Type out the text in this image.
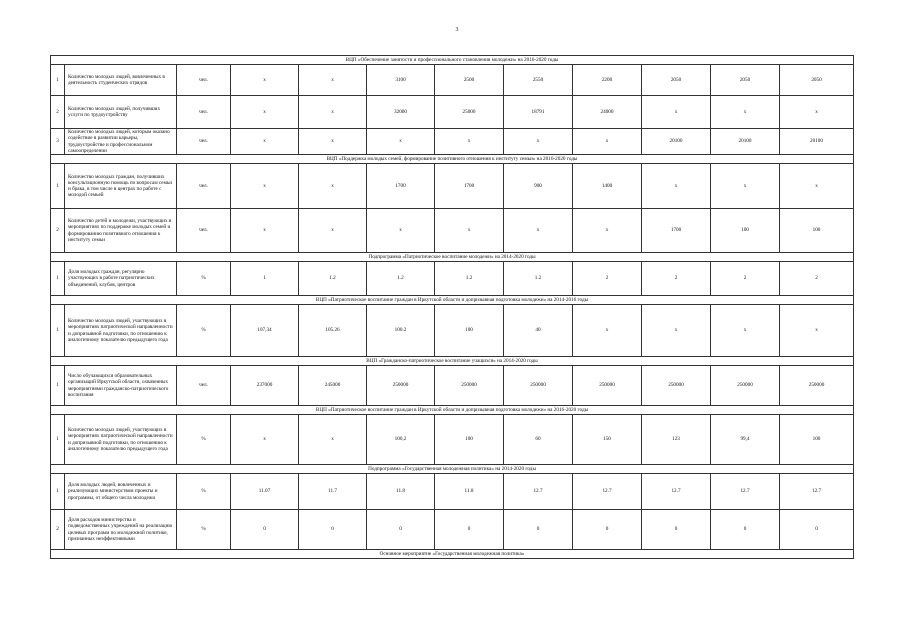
3
ВЦП «Обеспечение занятости и профессионального становления молодежи» на 2016-2020 годы											
1	Количество молодых людей, вовлеченных в деятельность студенческих отрядов	чел.	x	x	3100	2500	2550	2200	2050	2050	2050
2	Количество молодых людей, получивших услуги по трудоустройству	чел.	x	x	32000	25000	18791	24000	x	x	x
3	Количество молодых людей, которым оказано содействие в развитии карьеры, трудоустройстве и профессиональном самоопределении	чел.	x	x	x	x	x	x	20100	20100	20100
ВЦП «Поддержка молодых семей, формирование позитивного отношения к институту семьи» на 2016-2020 годы											
1	Количество молодых граждан, получивших консультационную помощь по вопросам семьи и брака, в том числе в центрах по работе с молодой семьей	чел.	x	x	1700	1700	900	1400	x	x	x
2	Количество детей и молодежи, участвующих в мероприятиях по поддержке молодых семей и формированию позитивного отношения к институту семьи	чел.	x	x	x	x	x	x	1700	100	100
Подпрограмма «Патриотическое воспитание молодежи» на 2014-2020 годы											
1	Доля молодых граждан, регулярно участвующих в работе патриотических объединений, клубов, центров	%	1	1.2	1.2	1.2	1.2	2	2	2	2
ВЦП «Патриотическое воспитание граждан в Иркутской области и допризывная подготовка молодежи» на 2014-2016 годы											
1	Количество молодых людей, участвующих в мероприятиях патриотической направленности и допризывной подготовки, по отношению к аналогичному показателю предыдущего года	%	107,34	105.26	100.2	100	40	x	x	x	x
ВЦП «Гражданско-патриотическое воспитание учащихся» на 2014-2020 годы											
1	Число обучающихся образовательных организаций Иркутской области, охваченных мероприятиями гражданско-патриотического воспитания	чел.	237000	245000	250000	250000	250000	250000	250000	250000	250000
ВЦП «Патриотическое воспитание граждан в Иркутской области и допризывная подготовка молодежи» на 2016-2020 годы											
1	Количество молодых людей, участвующих в мероприятиях патриотической направленности и допризывной подготовки, по отношению к аналогичному показателю предыдущего года	%	x	x	100,2	100	60	150	123	99,4	100
Подпрограмма «Государственная молодежная политика» на 2014-2020 годы											
1	Доля молодых людей, вовлеченных и реализующих министерством проекты и программы, от общего числа молодежи	%	11.07	11.7	11.8	11.8	12.7	12.7	12.7	12.7	12.7
2	Доля расходов министерства и подведомственных учреждений на реализацию целевых программ по молодежной политике, признанных неэффективными	%	0	0	0	0	0	0	0	0	0
Основное мероприятие «Государственная молодежная политика»											
